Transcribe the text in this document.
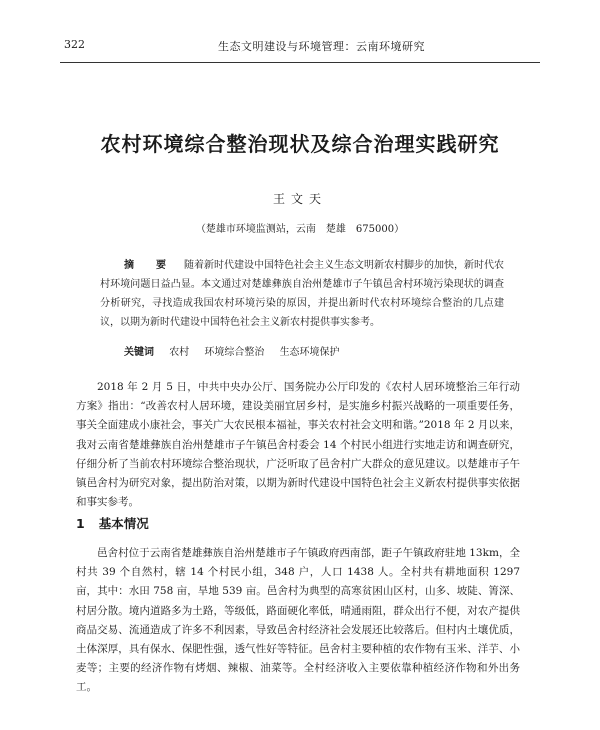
322	生态文明建设与环境管理：云南环境研究
农村环境综合整治现状及综合治理实践研究
王文天
（楚雄市环境监测站，云南　楚雄　675000）
摘　要 随着新时代建设中国特色社会主义生态文明新农村脚步的加快，新时代农村环境问题日益凸显。本文通过对楚雄彝族自治州楚雄市子午镇邑舍村环境污染现状的调查分析研究，寻找造成我国农村环境污染的原因，并提出新时代农村环境综合整治的几点建议，以期为新时代建设中国特色社会主义新农村提供事实参考。
关键词 农村 环境综合整治 生态环境保护

2018 年 2 月 5 日，中共中央办公厅、国务院办公厅印发的《农村人居环境整治三年行动方案》指出：“改善农村人居环境，建设美丽宜居乡村，是实施乡村振兴战略的一项重要任务，事关全面建成小康社会，事关广大农民根本福祉，事关农村社会文明和谐。”2018 年 2 月以来，我对云南省楚雄彝族自治州楚雄市子午镇邑舍村委会 14 个村民小组进行实地走访和调查研究，仔细分析了当前农村环境综合整治现状，广泛听取了邑舍村广大群众的意见建议。以楚雄市子午镇邑舍村为研究对象，提出防治对策，以期为新时代建设中国特色社会主义新农村提供事实依据和事实参考。

1 基本情况

邑舍村位于云南省楚雄彝族自治州楚雄市子午镇政府西南部，距子午镇政府驻地 13km，全村共 39 个自然村，辖 14 个村民小组，348 户，人口 1438 人。全村共有耕地面积 1297 亩，其中：水田 758 亩，旱地 539 亩。邑舍村为典型的高寒贫困山区村，山多、坡陡、箐深、村居分散。境内道路多为土路，等级低，路面硬化率低，晴通雨阻，群众出行不便，对农产提供商品交易、流通造成了许多不利因素，导致邑舍村经济社会发展还比较落后。但村内土壤优质，土体深厚，具有保水、保肥性强，透气性好等特征。邑舍村主要种植的农作物有玉米、洋芋、小麦等；主要的经济作物有烤烟、辣椒、油菜等。全村经济收入主要依靠种植经济作物和外出务工。
